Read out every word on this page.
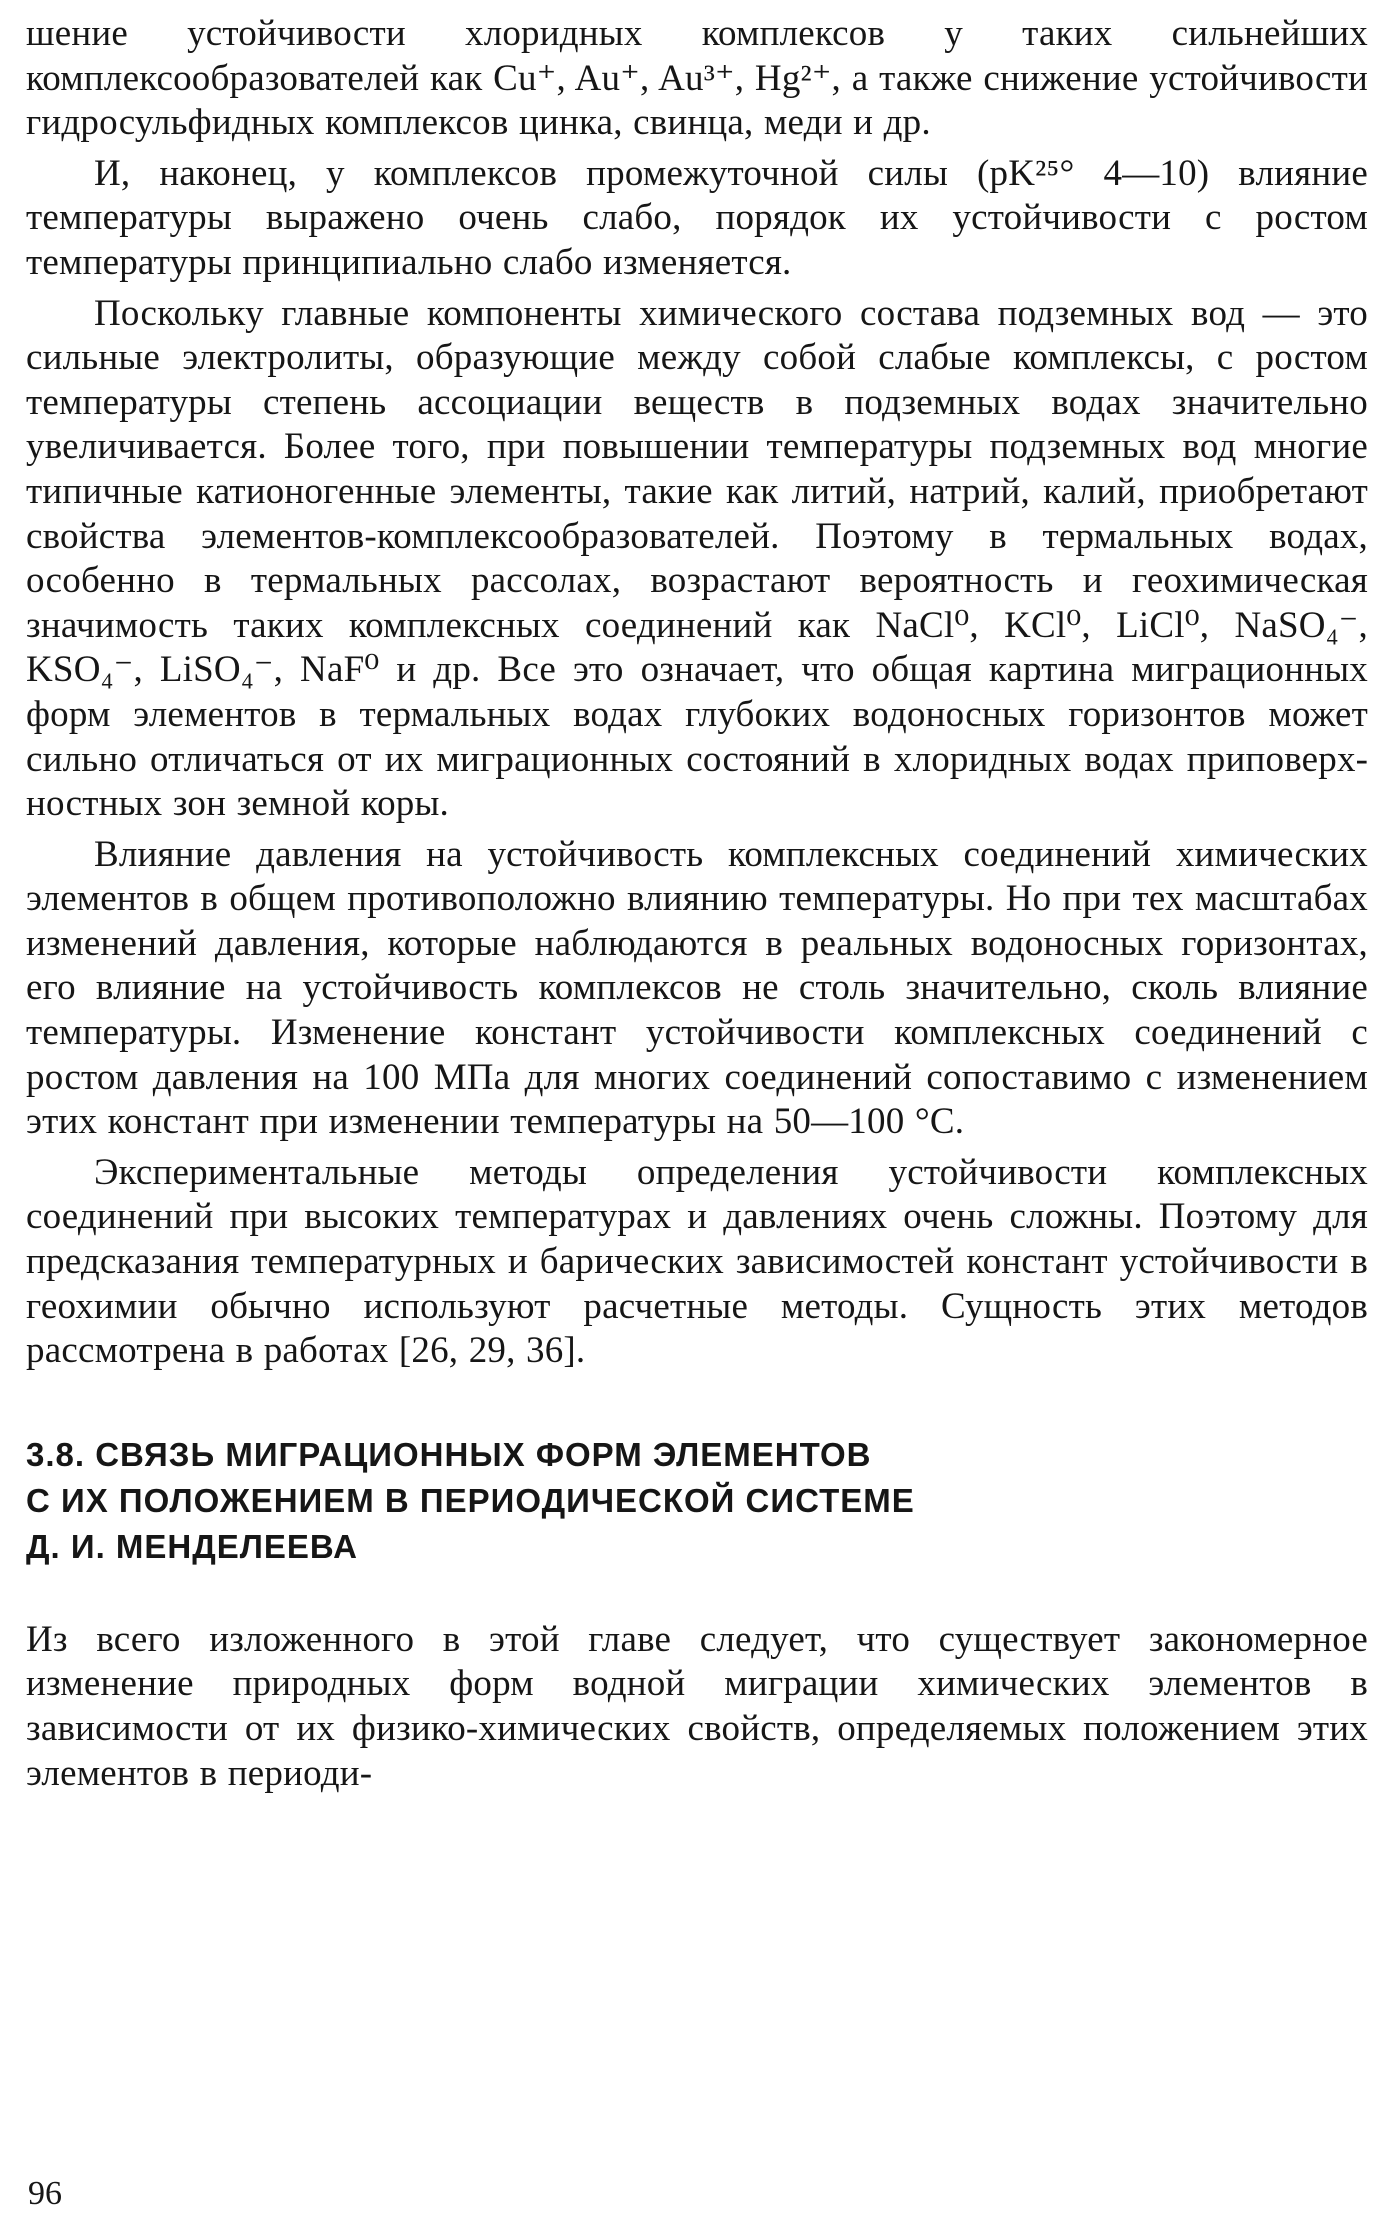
шение устойчивости хлоридных комплексов у таких сильнейших комплексообразователей как Cu⁺, Au⁺, Au³⁺, Hg²⁺, а также снижение устойчивости гидросульфидных комплексов цинка, свинца, меди и др.

И, наконец, у комплексов промежуточной силы (pK²⁵° 4—10) влияние температуры выражено очень слабо, порядок их устойчивости с ростом температуры принципиально слабо изменяется.

Поскольку главные компоненты химического состава подземных вод — это сильные электролиты, образующие между собой слабые комплексы, с ростом температуры степень ассоциации веществ в подземных водах значительно увеличивается. Более того, при повышении температуры подземных вод многие типичные катионогенные элементы, такие как литий, натрий, калий, приобретают свойства элементов-комплексообразователей. Поэтому в термальных водах, особенно в термальных рассолах, возрастают вероятность и геохимическая значимость таких комплексных соединений как NaCl⁰, KCl⁰, LiCl⁰, NaSO₄⁻, KSO₄⁻, LiSO₄⁻, NaF⁰ и др. Все это означает, что общая картина миграционных форм элементов в термальных водах глубоких водоносных горизонтов может сильно отличаться от их миграционных состояний в хлоридных водах приповерхностных зон земной коры.

Влияние давления на устойчивость комплексных соединений химических элементов в общем противоположно влиянию температуры. Но при тех масштабах изменений давления, которые наблюдаются в реальных водоносных горизонтах, его влияние на устойчивость комплексов не столь значительно, сколь влияние температуры. Изменение констант устойчивости комплексных соединений с ростом давления на 100 МПа для многих соединений сопоставимо с изменением этих констант при изменении температуры на 50—100 °C.

Экспериментальные методы определения устойчивости комплексных соединений при высоких температурах и давлениях очень сложны. Поэтому для предсказания температурных и барических зависимостей констант устойчивости в геохимии обычно используют расчетные методы. Сущность этих методов рассмотрена в работах [26, 29, 36].

3.8. СВЯЗЬ МИГРАЦИОННЫХ ФОРМ ЭЛЕМЕНТОВ
С ИХ ПОЛОЖЕНИЕМ В ПЕРИОДИЧЕСКОЙ СИСТЕМЕ
Д. И. МЕНДЕЛЕЕВА

Из всего изложенного в этой главе следует, что существует закономерное изменение природных форм водной миграции химических элементов в зависимости от их физико-химических свойств, определяемых положением этих элементов в периоди-

96
